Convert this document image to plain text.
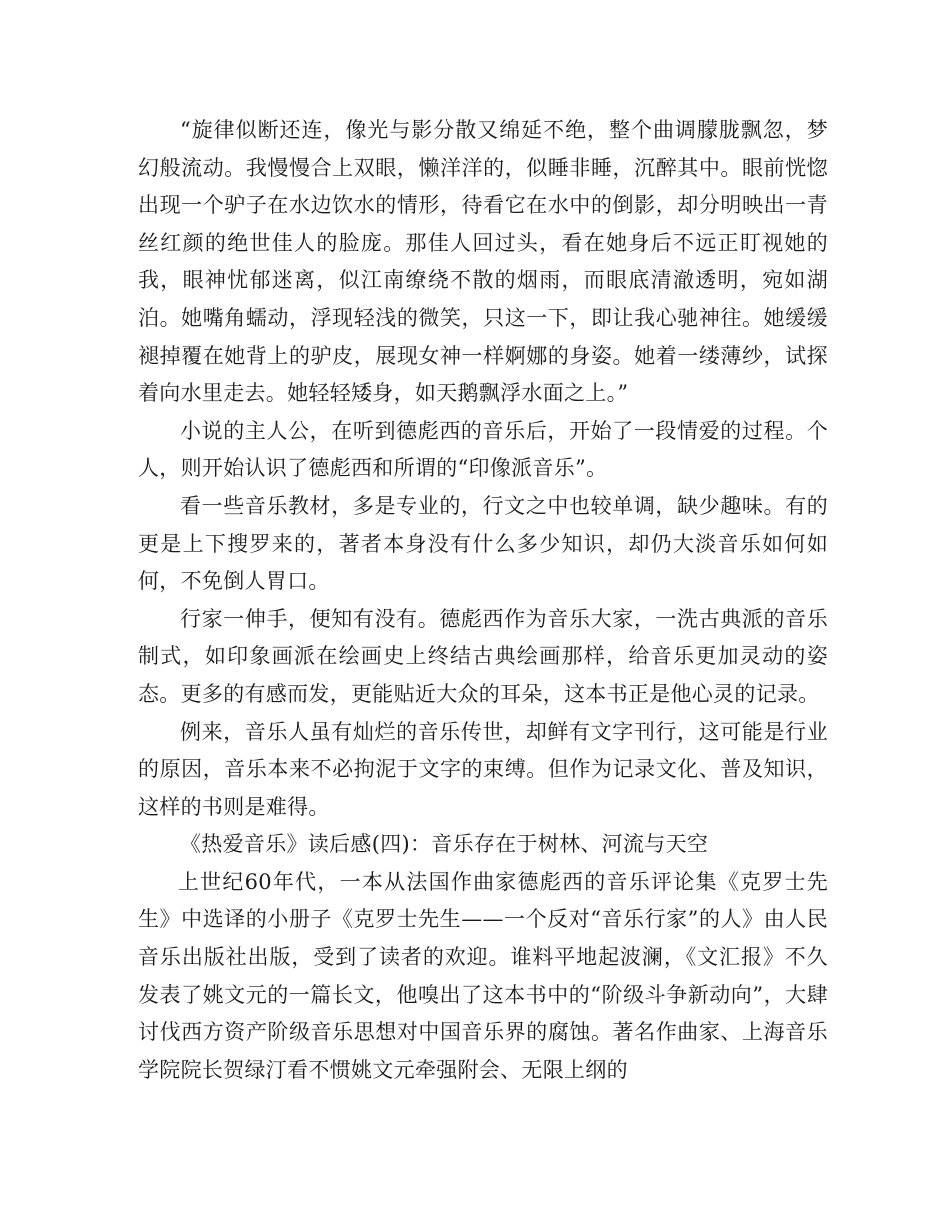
“旋律似断还连，像光与影分散又绵延不绝，整个曲调朦胧飘忽，梦幻般流动。我慢慢合上双眼，懒洋洋的，似睡非睡，沉醉其中。眼前恍惚出现一个驴子在水边饮水的情形，待看它在水中的倒影，却分明映出一青丝红颜的绝世佳人的脸庞。那佳人回过头，看在她身后不远正盯视她的我，眼神忧郁迷离，似江南缭绕不散的烟雨，而眼底清澈透明，宛如湖泊。她嘴角蠕动，浮现轻浅的微笑，只这一下，即让我心驰神往。她缓缓褪掉覆在她背上的驴皮，展现女神一样婀娜的身姿。她着一缕薄纱，试探着向水里走去。她轻轻矮身，如天鹅飘浮水面之上。”

小说的主人公，在听到德彪西的音乐后，开始了一段情爱的过程。个人，则开始认识了德彪西和所谓的“印像派音乐”。

看一些音乐教材，多是专业的，行文之中也较单调，缺少趣味。有的更是上下搜罗来的，著者本身没有什么多少知识，却仍大淡音乐如何如何，不免倒人胃口。

行家一伸手，便知有没有。德彪西作为音乐大家，一洗古典派的音乐制式，如印象画派在绘画史上终结古典绘画那样，给音乐更加灵动的姿态。更多的有感而发，更能贴近大众的耳朵，这本书正是他心灵的记录。

例来，音乐人虽有灿烂的音乐传世，却鲜有文字刊行，这可能是行业的原因，音乐本来不必拘泥于文字的束缚。但作为记录文化、普及知识，这样的书则是难得。

《热爱音乐》读后感(四)：音乐存在于树林、河流与天空

上世纪60年代，一本从法国作曲家德彪西的音乐评论集《克罗士先生》中选译的小册子《克罗士先生——一个反对“音乐行家”的人》由人民音乐出版社出版，受到了读者的欢迎。谁料平地起波澜，《文汇报》不久发表了姚文元的一篇长文，他嗅出了这本书中的“阶级斗争新动向”，大肆讨伐西方资产阶级音乐思想对中国音乐界的腐蚀。著名作曲家、上海音乐学院院长贺绿汀看不惯姚文元牵强附会、无限上纲的
